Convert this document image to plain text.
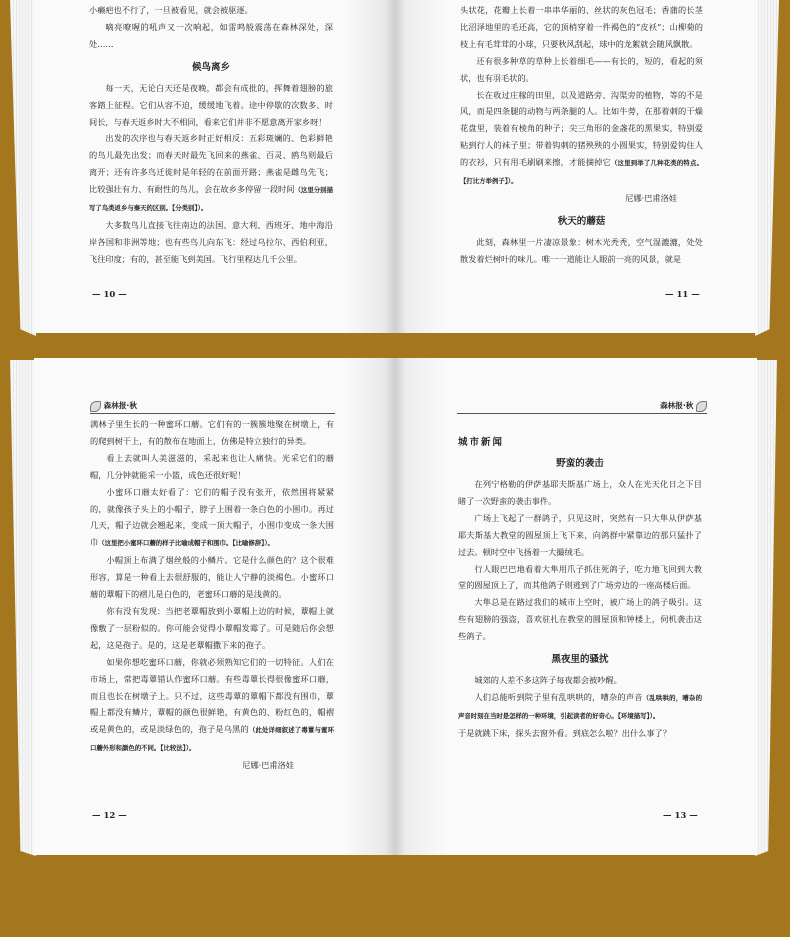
小癞疤也不行了，一旦被看见，就会被驱逐。

嘀亮嘹喔的吼声又一次响起，如雷鸣般震荡在森林深处，深处……

候鸟离乡

每一天，无论白天还是夜晚，都会有成批的，挥舞着翅膀的旅客踏上征程。它们从容不迫，缓缓地飞着。途中停歇的次数多、时间长，与春天返乡时大不相同，看来它们并非不愿意离开家乡呀！

出发的次序也与春天返乡时正好相反：五彩斑斓的、色彩鲜艳的鸟儿最先出发；而春天时最先飞回来的燕雀、百灵、鸥鸟则最后离开；还有许多鸟迁徙时是年轻的在前面开路；燕雀是雌鸟先飞；比较强壮有力、有耐性的鸟儿，会在故乡多停留一段时间（这里分别描写了鸟类返乡与秦天的区别。【分类别】）。

大多数鸟儿直接飞往南边的法国、意大利、西班牙、地中海沿岸各国和非洲等地；也有些鸟儿向东飞：经过乌拉尔、西伯利亚，飞往印度；有的，甚至能飞到美国。飞行里程达几千公里。

— 10 —

头状花，花瓣上长着一串串华丽的、丝状的灰色冠毛；香蒲的长茎比沼泽地里的毛还高，它的顶梢穿着一件褐色的“皮袄”；山柳菊的枝上有毛茸茸的小球，只要秋风刮起，球中的龙絮就会随风飘散。

还有很多种草的草种上长着细毛——有长的，短的，看起的须状，也有羽毛状的。

长在收过庄稼的田里，以及道路旁、沟渠旁的植物，等的不是风，而是四条腿的动物与两条腿的人。比如牛蒡，在那着刺的干燥花盘里，装着有棱角的种子；尖三角形的金盏花的黑果实，特别爱粘到行人的袜子里；带着钩刺的猪殃殃的小圆果实，特别爱钩住人的衣衫，只有用毛刷刷来擦，才能摘掉它（这里到举了几种花类的特点。【打比方举例子】）。

尼娜·巴甫洛娃

秋天的蘑菇

此刻，森林里一片凄凉景象：树木光秃秃，空气湿漉漉，处处散发着烂树叶的味儿。唯一一道能让人眼前一亮的风景，就是

— 11 —
森林报·秋

满林子里生长的一种蜜环口蘑。它们有的一簇簇地聚在树墩上，有的爬到树干上，有的散布在地面上，仿佛是特立独行的异类。

看上去就叫人美滋滋的，采起来也让人痛快。光采它们的蘑帽，几分钟就能采一小篮，成色还很好呢！

小蜜环口蘑太好看了：它们的帽子没有张开，依然围将紧紧的，就像孩子头上的小帽子，脖子上围着一条白色的小围巾。再过几天，帽子边就会翘起来，变成一顶大帽子，小围巾变成一条大围巾（这里把小蜜环口蘑的样子比喻成帽子和围巾。【比喻修辞】）。

小帽顶上布满了烟丝般的小鳞片。它是什么颜色的？这个很难形容，算是一种看上去很舒服的，能让人宁静的淡褐色。小蜜环口蘑的蕈帽下的褶儿是白色的，老蜜环口蘑的是浅黄的。

你有没有发现：当把老蕈帽放到小蕈帽上边的时候，蕈帽上就像敷了一层粉似的。你可能会觉得小蕈帽发霉了。可是随后你会想起，这是孢子。是的，这是老蕈帽撒下来的孢子。

如果你想吃蜜环口蘑，你就必须熟知它们的一切特征。人们在市场上，常把毒蕈错认作蜜环口蘑。有些毒蕈长得很像蜜环口蘑，而且也长在树墩子上。只不过，这些毒蕈的蕈帽下都没有围巾，蕈帽上都没有鳞片，蕈帽的颜色很鲜艳，有黄色的、粉红色的，帽褶或是黄色的，或是淡绿色的，孢子是乌黑的（此处详细叙述了毒蕈与蜜环口蘑外形和颜色的不同。【比较法】）。

尼娜·巴甫洛娃

— 12 —
森林报·秋
城市新闻
野蛮的袭击

在列宁格勒的伊萨基耶夫斯基广场上，众人在光天化日之下目睹了一次野蛮的袭击事件。

广场上飞起了一群鸽子，只见这时，突然有一只大隼从伊萨基耶夫斯基大教堂的圆屋顶上飞下来，向鸽群中紧靠边的那只猛扑了过去。顿时空中飞扬着一大撮绒毛。

行人眼巴巴地看着大隼用爪子抓住死鸽子，吃力地飞回到大教堂的圆屋顶上了，而其他鸽子则逃到了广场旁边的一座高楼后面。

大隼总是在路过我们的城市上空时，被广场上的鸽子吸引。这些有翅膀的强盗，喜欢驻扎在教堂的圆屋顶和钟楼上，伺机袭击这些鸽子。

黑夜里的骚扰

城郊的人差不多这阵子每夜都会被吵醒。

人们总能听到院子里有乱哄哄的，嘈杂的声音（乱哄哄的，嘈杂的声音时刻在当时是怎样的一种环境，引起读者的好奇心。【环境描写】）。

于是就跳下床，探头去窗外看。到底怎么啦？出什么事了？

— 13 —
